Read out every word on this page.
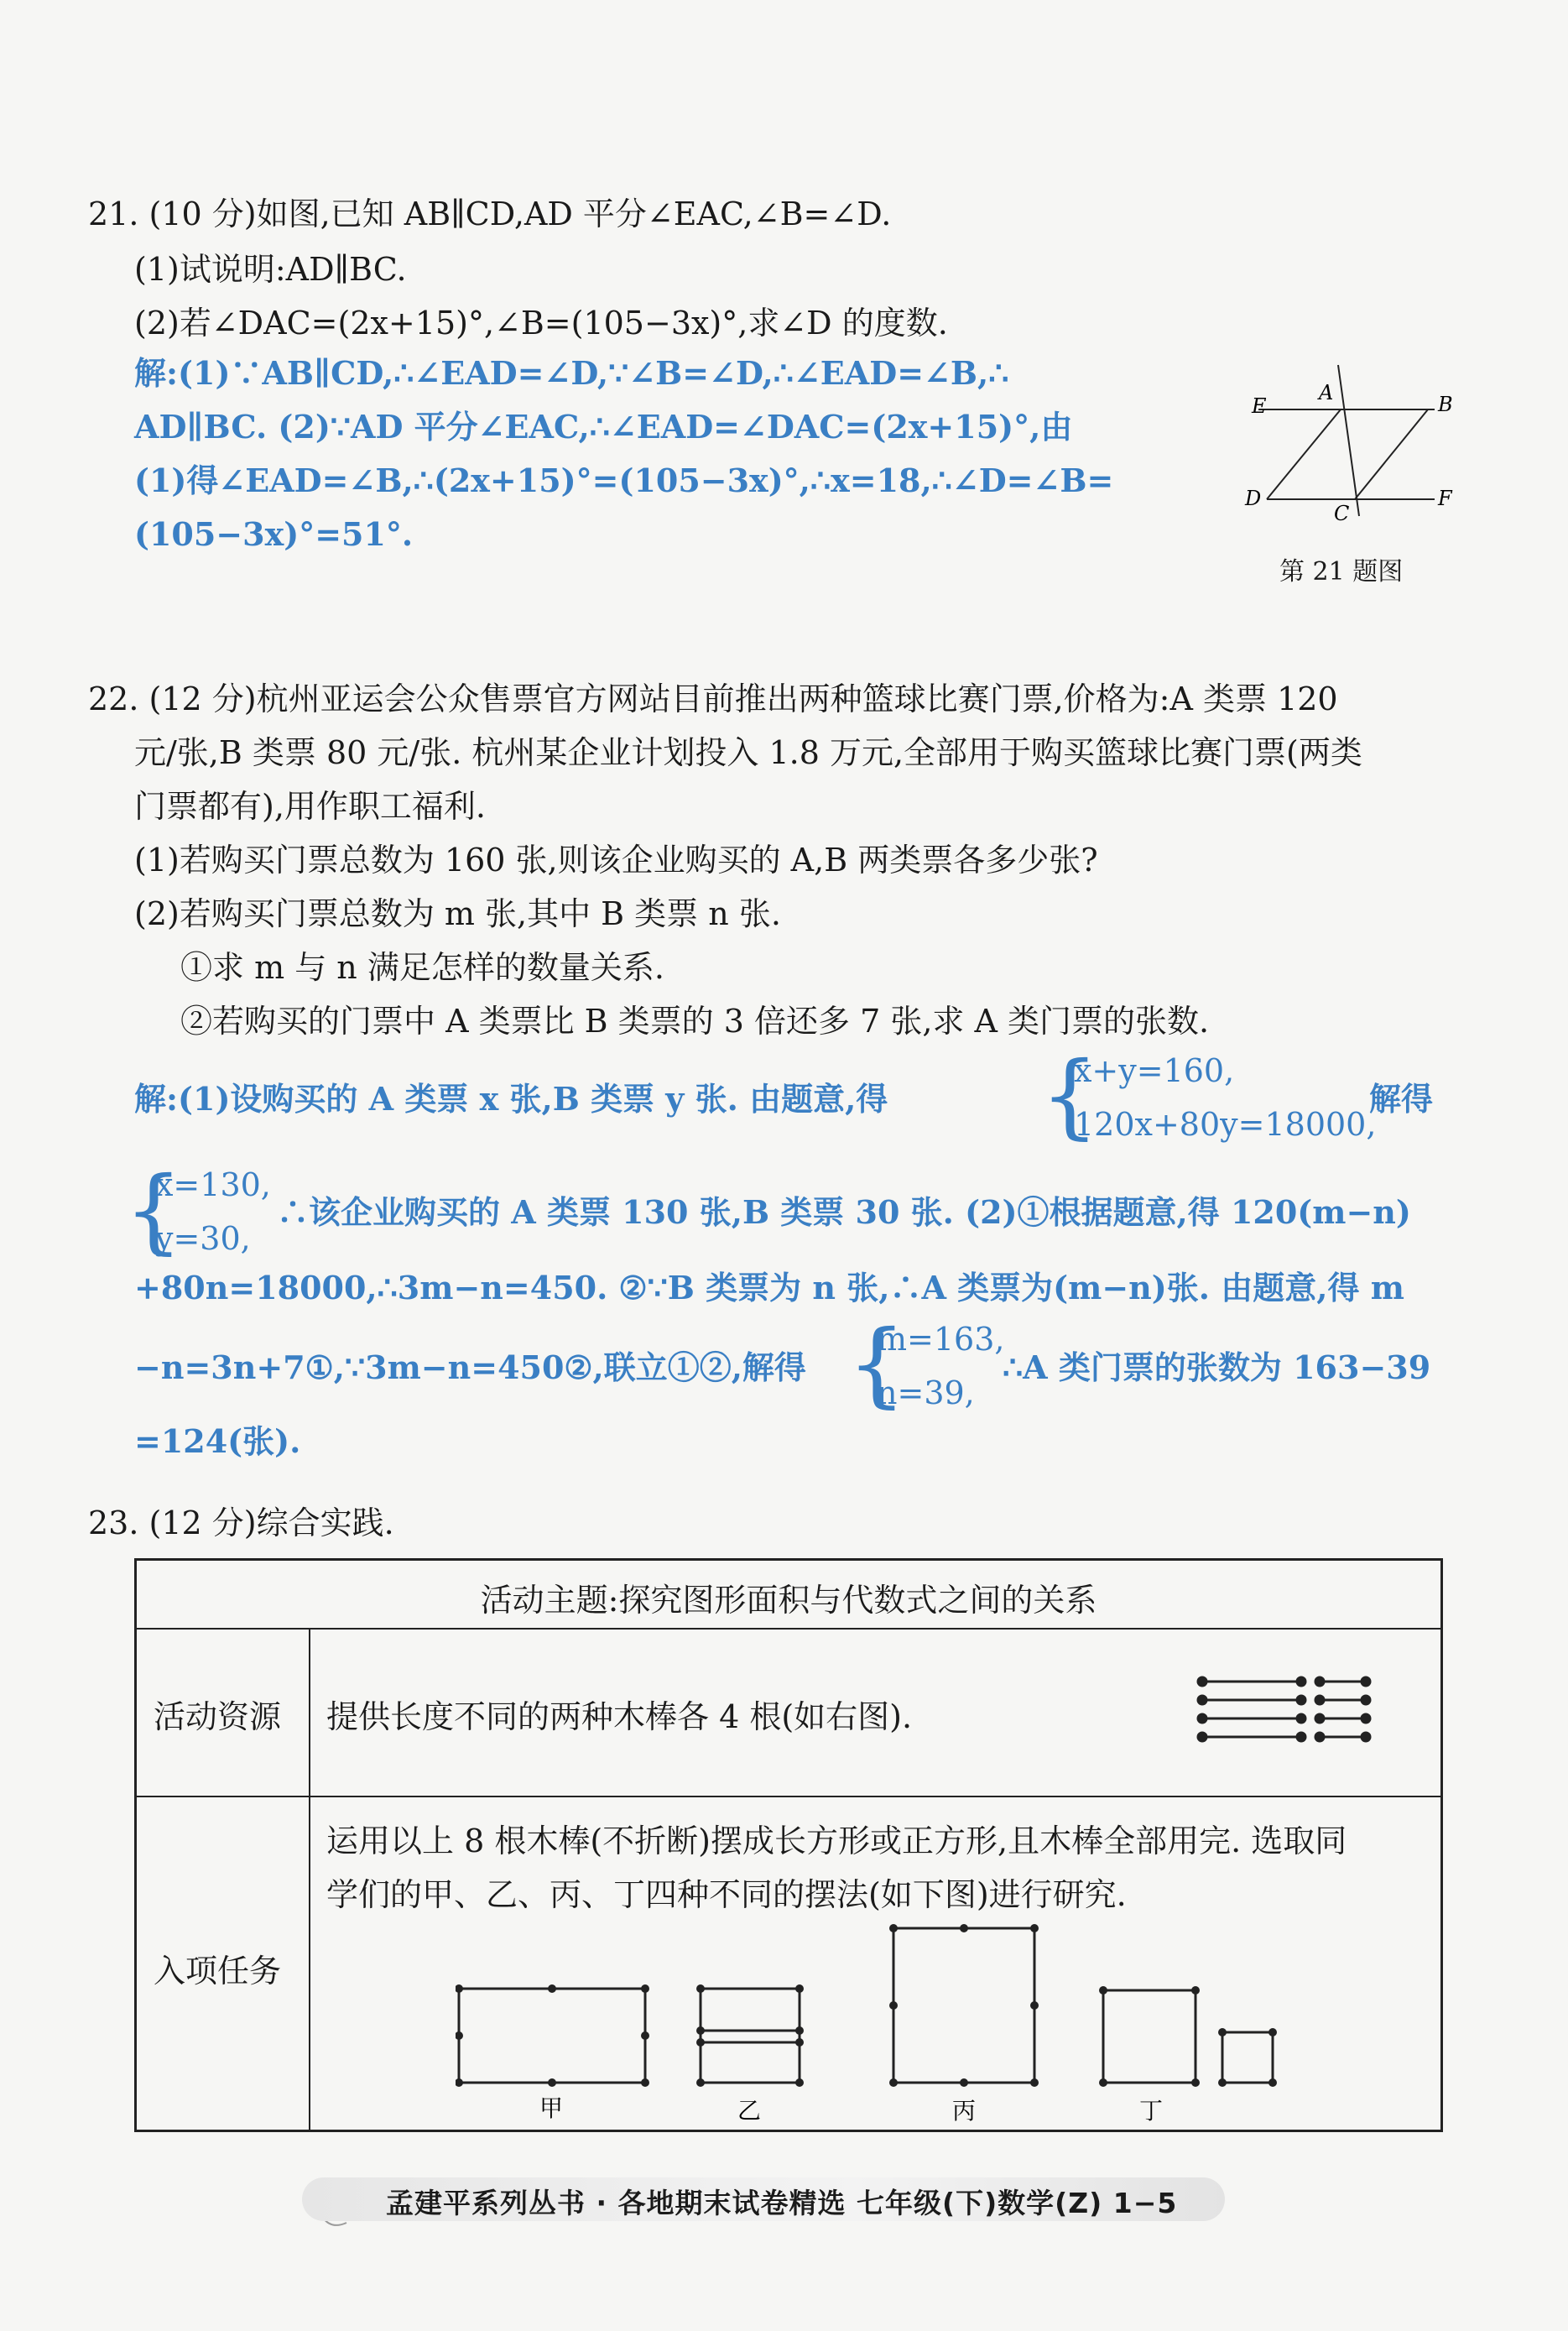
21. (10 分)如图,已知 AB∥CD,AD 平分∠EAC,∠B=∠D.
(1)试说明:AD∥BC.
(2)若∠DAC=(2x+15)°,∠B=(105−3x)°,求∠D 的度数.
解:(1)∵AB∥CD,∴∠EAD=∠D,∵∠B=∠D,∴∠EAD=∠B,∴
AD∥BC. (2)∵AD 平分∠EAC,∴∠EAD=∠DAC=(2x+15)°,由
(1)得∠EAD=∠B,∴(2x+15)°=(105−3x)°,∴x=18,∴∠D=∠B=
(105−3x)°=51°.
E
A	B
D
C
F
第 21 题图
22. (12 分)杭州亚运会公众售票官方网站目前推出两种篮球比赛门票,价格为:A 类票 120
元/张,B 类票 80 元/张. 杭州某企业计划投入 1.8 万元,全部用于购买篮球比赛门票(两类
门票都有),用作职工福利.
(1)若购买门票总数为 160 张,则该企业购买的 A,B 两类票各多少张?
(2)若购买门票总数为 m 张,其中 B 类票 n 张.
①求 m 与 n 满足怎样的数量关系.
②若购买的门票中 A 类票比 B 类票的 3 倍还多 7 张,求 A 类门票的张数.
解:(1)设购买的 A 类票 x 张,B 类票 y 张. 由题意,得 {
x+y=160,
120x+80y=18000,
解得
{
x=130,
y=30,
∴该企业购买的 A 类票 130 张,B 类票 30 张. (2)①根据题意,得 120(m−n)
+80n=18000,∴3m−n=450. ②∵B 类票为 n 张,∴A 类票为(m−n)张. 由题意,得 m
−n=3n+7①,∵3m−n=450②,联立①②,解得 {
m=163,
n=39,
∴A 类门票的张数为 163−39
=124(张).
23. (12 分)综合实践.
活动主题:探究图形面积与代数式之间的关系
活动资源 提供长度不同的两种木棒各 4 根(如右图).
入项任务
运用以上 8 根木棒(不折断)摆成长方形或正方形,且木棒全部用完. 选取同
学们的甲、乙、丙、丁四种不同的摆法(如下图)进行研究.
甲	乙	丙	丁
孟建平系列丛书 · 各地期末试卷精选 七年级(下)数学(Z) 1−5
